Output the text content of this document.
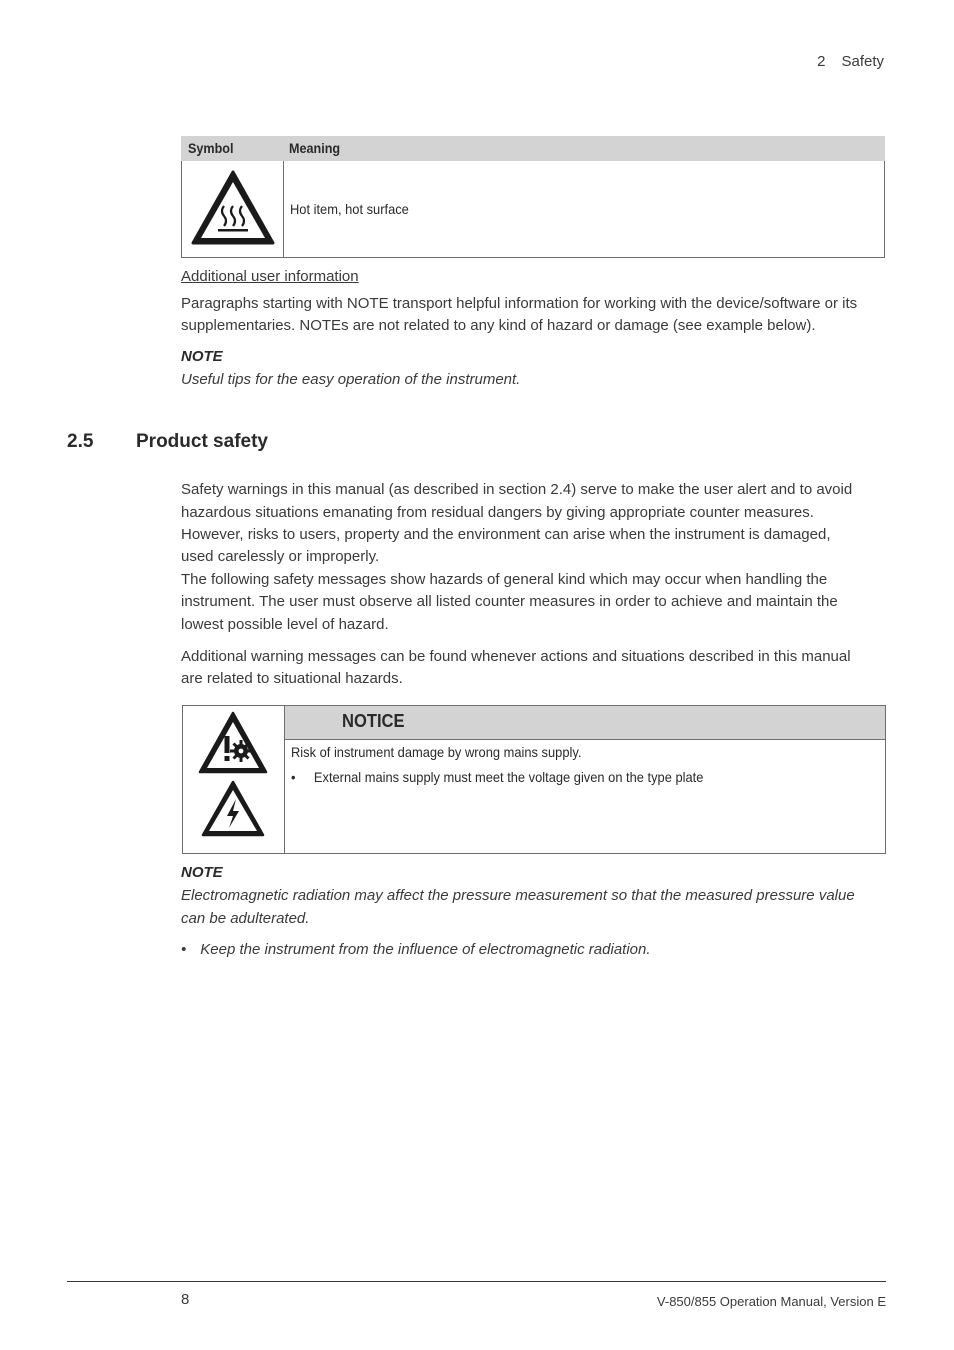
2 Safety
Symbol	Meaning
Hot item, hot surface
Additional user information
Paragraphs starting with NOTE transport helpful information for working with the device/software or its
supplementaries. NOTEs are not related to any kind of hazard or damage (see example below).
NOTE
Useful tips for the easy operation of the instrument.
2.5 Product safety
Safety warnings in this manual (as described in section 2.4) serve to make the user alert and to avoid
hazardous situations emanating from residual dangers by giving appropriate counter measures.
However, risks to users, property and the environment can arise when the instrument is damaged,
used carelessly or improperly.
The following safety messages show hazards of general kind which may occur when handling the
instrument. The user must observe all listed counter measures in order to achieve and maintain the
lowest possible level of hazard.
Additional warning messages can be found whenever actions and situations described in this manual
are related to situational hazards.
NOTICE
Risk of instrument damage by wrong mains supply.
• External mains supply must meet the voltage given on the type plate
NOTE
Electromagnetic radiation may affect the pressure measurement so that the measured pressure value
can be adulterated.
• Keep the instrument from the influence of electromagnetic radiation.
8	V-850/855 Operation Manual, Version E
